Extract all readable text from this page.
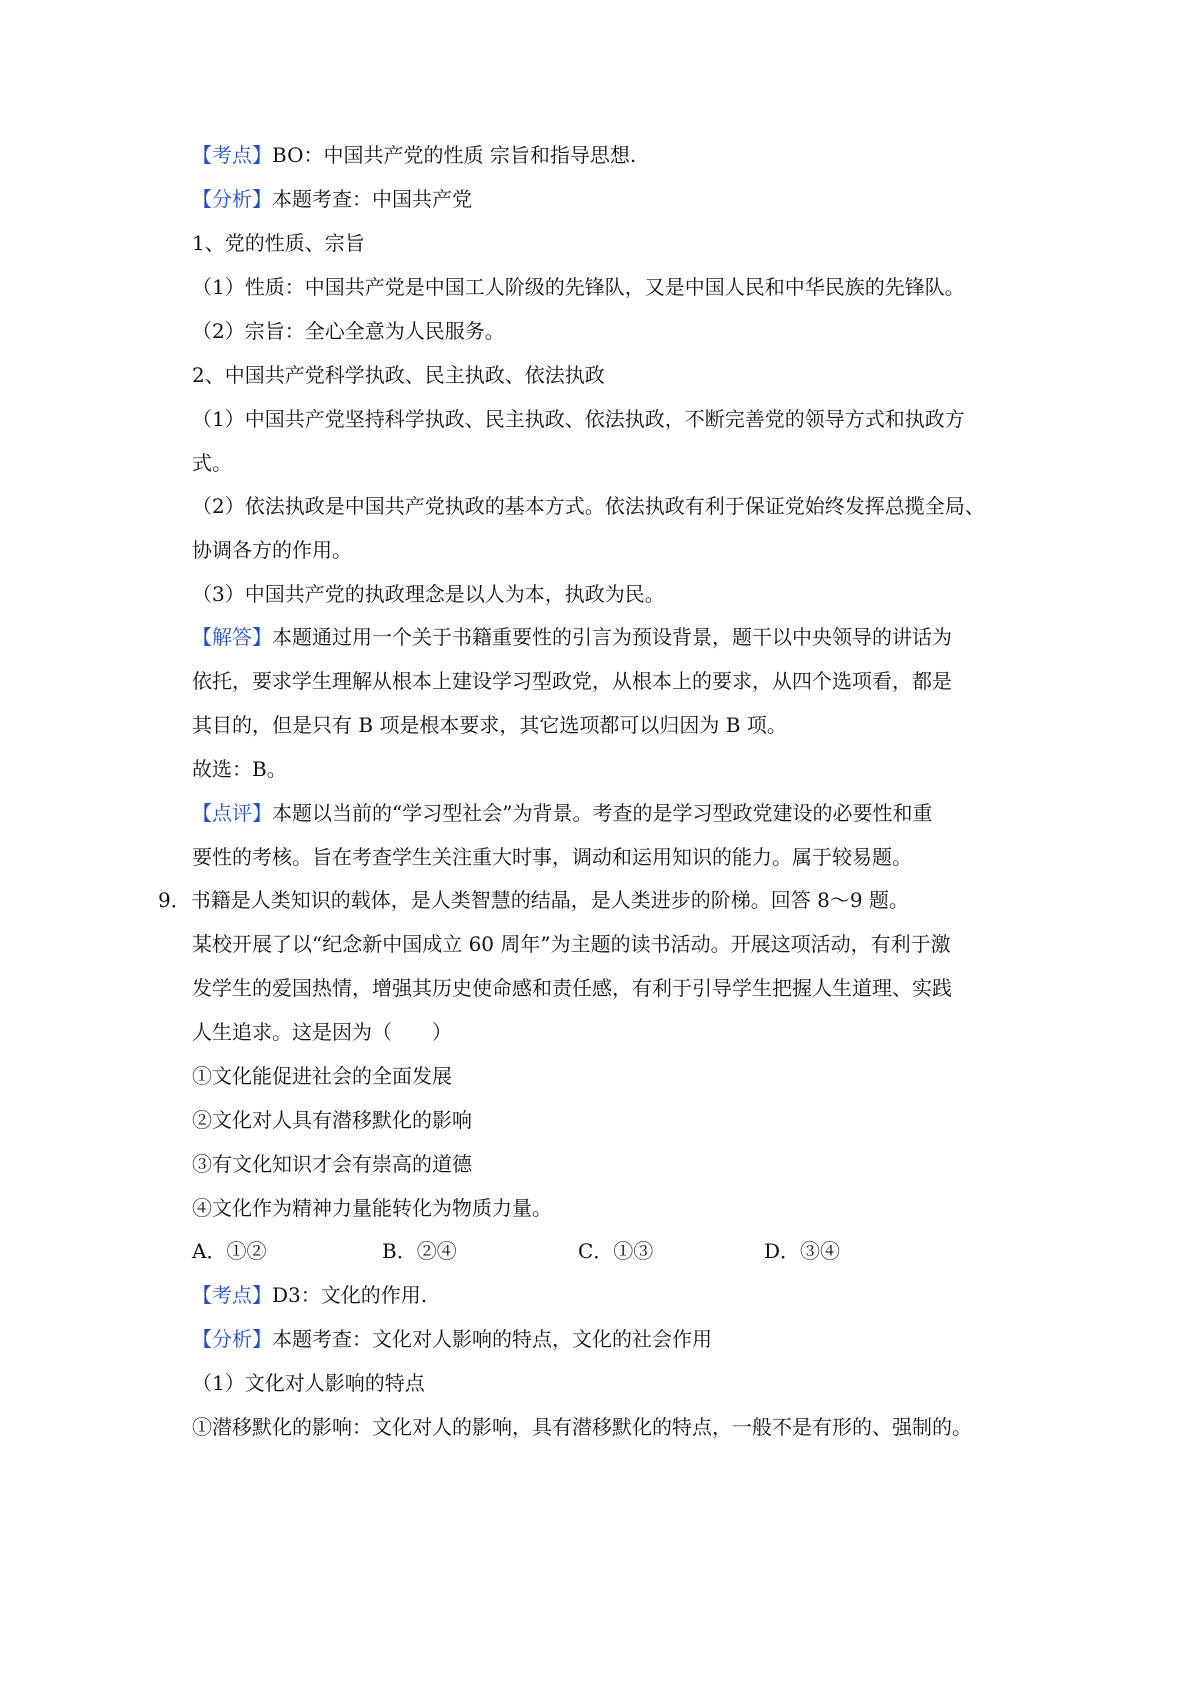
【考点】BO：中国共产党的性质 宗旨和指导思想.
【分析】本题考查：中国共产党
1、党的性质、宗旨
（1）性质：中国共产党是中国工人阶级的先锋队，又是中国人民和中华民族的先锋队。
（2）宗旨：全心全意为人民服务。
2、中国共产党科学执政、民主执政、依法执政
（1）中国共产党坚持科学执政、民主执政、依法执政，不断完善党的领导方式和执政方
式。
（2）依法执政是中国共产党执政的基本方式。依法执政有利于保证党始终发挥总揽全局、
协调各方的作用。
（3）中国共产党的执政理念是以人为本，执政为民。
【解答】本题通过用一个关于书籍重要性的引言为预设背景，题干以中央领导的讲话为
依托，要求学生理解从根本上建设学习型政党，从根本上的要求，从四个选项看，都是
其目的，但是只有 B 项是根本要求，其它选项都可以归因为 B 项。
故选：B。
【点评】本题以当前的“学习型社会”为背景。考查的是学习型政党建设的必要性和重
要性的考核。旨在考查学生关注重大时事，调动和运用知识的能力。属于较易题。
9．书籍是人类知识的载体，是人类智慧的结晶，是人类进步的阶梯。回答 8～9 题。
某校开展了以“纪念新中国成立 60 周年”为主题的读书活动。开展这项活动，有利于激
发学生的爱国热情，增强其历史使命感和责任感，有利于引导学生把握人生道理、实践
人生追求。这是因为（　　）
①文化能促进社会的全面发展
②文化对人具有潜移默化的影响
③有文化知识才会有崇高的道德
④文化作为精神力量能转化为物质力量。
A．①②	B．②④	C．①③	D．③④
【考点】D3：文化的作用.
【分析】本题考查：文化对人影响的特点，文化的社会作用
（1）文化对人影响的特点
①潜移默化的影响：文化对人的影响，具有潜移默化的特点，一般不是有形的、强制的。
